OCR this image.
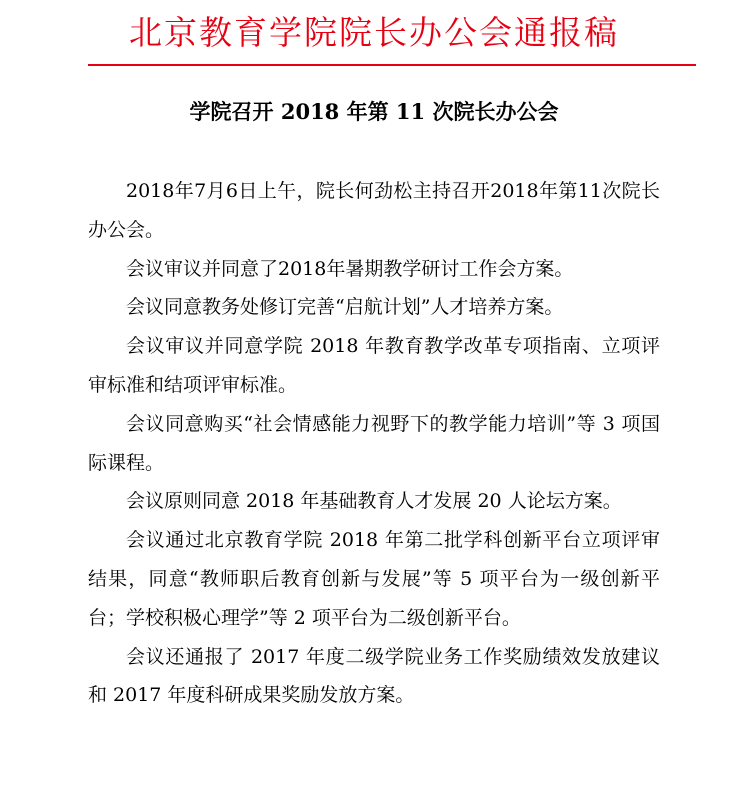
北京教育学院院长办公会通报稿
学院召开 2018 年第 11 次院长办公会

2018年7月6日上午，院长何劲松主持召开2018年第11次院长办公会。

会议审议并同意了2018年暑期教学研讨工作会方案。

会议同意教务处修订完善“启航计划”人才培养方案。

会议审议并同意学院 2018 年教育教学改革专项指南、立项评审标准和结项评审标准。

会议同意购买“社会情感能力视野下的教学能力培训”等 3 项国际课程。

会议原则同意 2018 年基础教育人才发展 20 人论坛方案。

会议通过北京教育学院 2018 年第二批学科创新平台立项评审结果，同意“教师职后教育创新与发展”等 5 项平台为一级创新平台；学校积极心理学”等 2 项平台为二级创新平台。

会议还通报了 2017 年度二级学院业务工作奖励绩效发放建议和 2017 年度科研成果奖励发放方案。
